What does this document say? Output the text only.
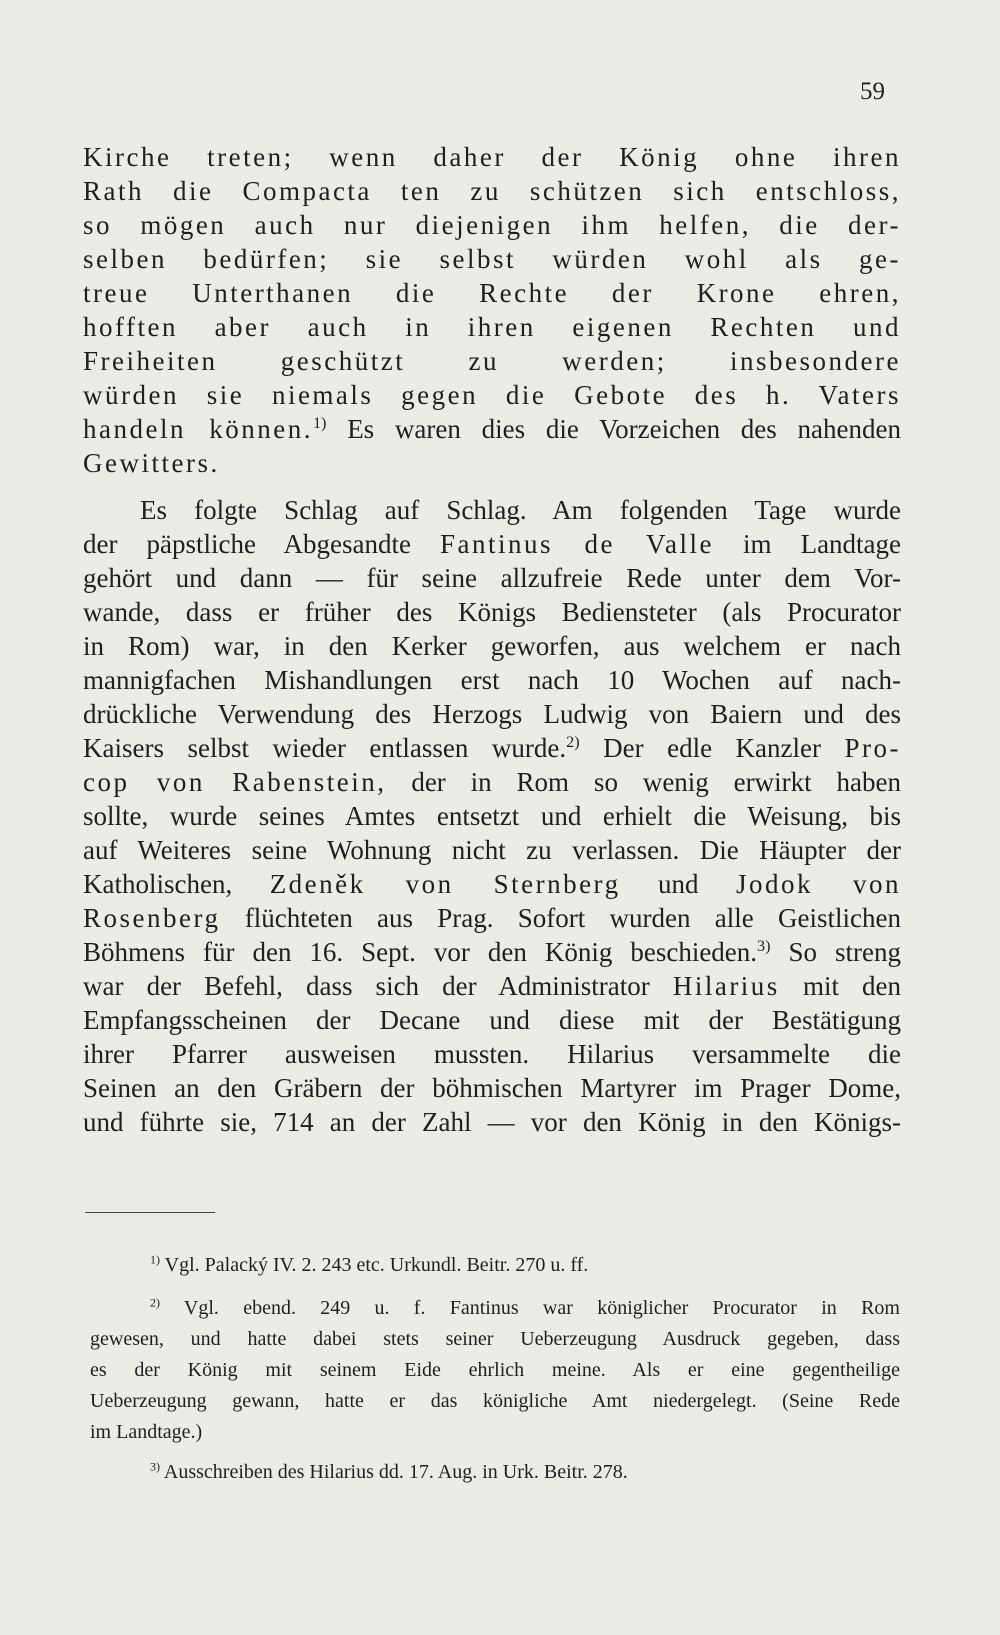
59
Kirche treten; wenn daher der König ohne ihren
Rath die Compacta ten zu schützen sich entschloss,
so mögen auch nur diejenigen ihm helfen, die der-
selben bedürfen; sie selbst würden wohl als ge-
treue Unterthanen die Rechte der Krone ehren,
hofften aber auch in ihren eigenen Rechten und
Freiheiten geschützt zu werden; insbesondere
würden sie niemals gegen die Gebote des h. Vaters
handeln können.$^{1)}$ Es waren dies die Vorzeichen des nahenden
Gewitters.
Es folgte Schlag auf Schlag. Am folgenden Tage wurde
der päpstliche Abgesandte Fantinus de Valle im Landtage
gehört und dann — für seine allzufreie Rede unter dem Vor-
wande, dass er früher des Königs Bediensteter (als Procurator
in Rom) war, in den Kerker geworfen, aus welchem er nach
mannigfachen Mishandlungen erst nach 10 Wochen auf nach-
drückliche Verwendung des Herzogs Ludwig von Baiern und des
Kaisers selbst wieder entlassen wurde.$^{2)}$ Der edle Kanzler Pro-
cop von Rabenstein, der in Rom so wenig erwirkt haben
sollte, wurde seines Amtes entsetzt und erhielt die Weisung, bis
auf Weiteres seine Wohnung nicht zu verlassen. Die Häupter der
Katholischen, Zdeněk von Sternberg und Jodok von
Rosenberg flüchteten aus Prag. Sofort wurden alle Geistlichen
Böhmens für den 16. Sept. vor den König beschieden.$^{3)}$ So streng
war der Befehl, dass sich der Administrator Hilarius mit den
Empfangsscheinen der Decane und diese mit der Bestätigung
ihrer Pfarrer ausweisen mussten. Hilarius versammelte die
Seinen an den Gräbern der böhmischen Martyrer im Prager Dome,
und führte sie, 714 an der Zahl — vor den König in den Königs-
$^{1)}$ Vgl. Palacký IV. 2. 243 etc. Urkundl. Beitr. 270 u. ff.
$^{2)}$ Vgl. ebend. 249 u. f. Fantinus war königlicher Procurator in Rom
gewesen, und hatte dabei stets seiner Ueberzeugung Ausdruck gegeben, dass
es der König mit seinem Eide ehrlich meine. Als er eine gegentheilige
Ueberzeugung gewann, hatte er das königliche Amt niedergelegt. (Seine Rede
im Landtage.)
$^{3)}$ Ausschreiben des Hilarius dd. 17. Aug. in Urk. Beitr. 278.
